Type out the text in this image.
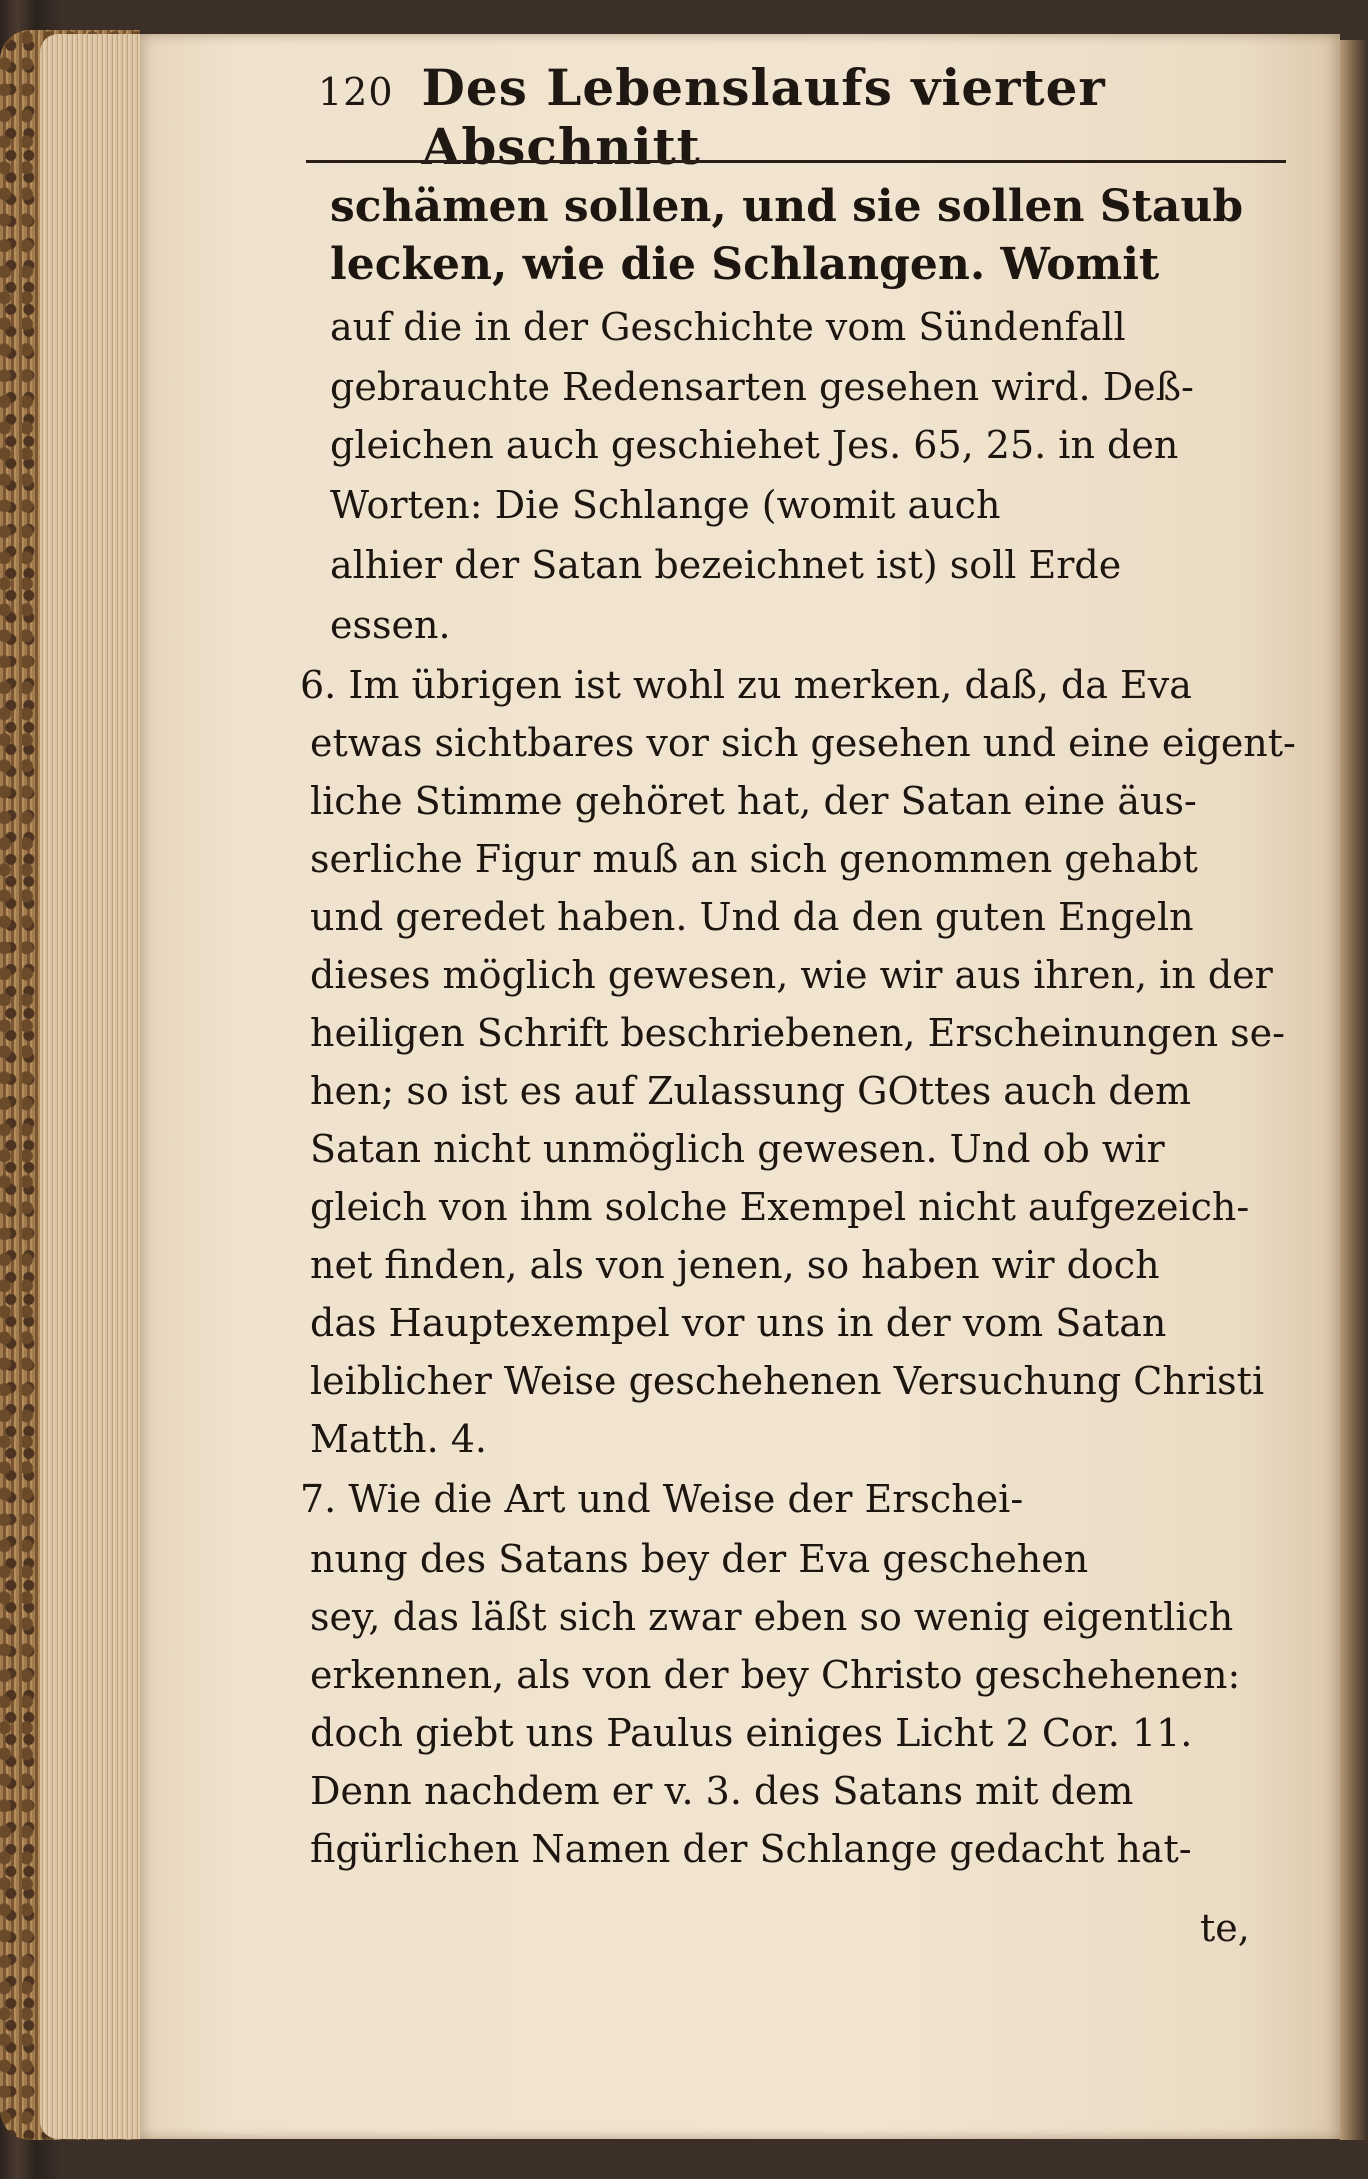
120 Des Lebenslaufs vierter Abschnitt
schämen sollen, und sie sollen Staub
lecken, wie die Schlangen. Womit
auf die in der Geschichte vom Sündenfall
gebrauchte Redensarten gesehen wird. Deß-
gleichen auch geschiehet Jes. 65, 25. in den
Worten: Die Schlange (womit auch
alhier der Satan bezeichnet ist) soll Erde
essen.
6. Im übrigen ist wohl zu merken, daß, da Eva
etwas sichtbares vor sich gesehen und eine eigent-
liche Stimme gehöret hat, der Satan eine äus-
serliche Figur muß an sich genommen gehabt
und geredet haben. Und da den guten Engeln
dieses möglich gewesen, wie wir aus ihren, in der
heiligen Schrift beschriebenen, Erscheinungen se-
hen; so ist es auf Zulassung GOttes auch dem
Satan nicht unmöglich gewesen. Und ob wir
gleich von ihm solche Exempel nicht aufgezeich-
net finden, als von jenen, so haben wir doch
das Hauptexempel vor uns in der vom Satan
leiblicher Weise geschehenen Versuchung Christi
Matth. 4.
7. Wie die Art und Weise der Erschei-
nung des Satans bey der Eva geschehen
sey, das läßt sich zwar eben so wenig eigentlich
erkennen, als von der bey Christo geschehenen:
doch giebt uns Paulus einiges Licht 2 Cor. 11.
Denn nachdem er v. 3. des Satans mit dem
figürlichen Namen der Schlange gedacht hat-
te,
